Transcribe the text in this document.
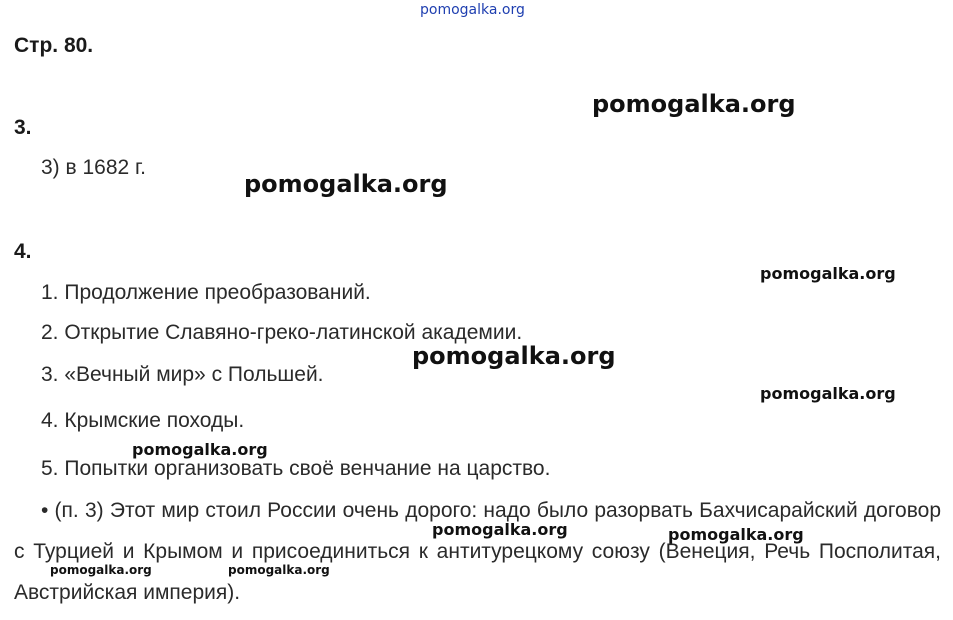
pomogalka.org
Стр. 80.
3.
3) в 1682 г.
4.
1. Продолжение преобразований.
2. Открытие Славяно-греко-латинской академии.
3. «Вечный мир» с Польшей.
4. Крымские походы.
5. Попытки организовать своё венчание на царство.
• (п. 3) Этот мир стоил России очень дорого: надо было разорвать Бахчисарайский договор с Турцией и Крымом и присоединиться к антитурецкому союзу (Венеция, Речь Посполитая, Австрийская империя).
pomogalka.org
pomogalka.org
pomogalka.org
pomogalka.org
pomogalka.org
pomogalka.org
pomogalka.org	pomogalka.org
pomogalka.org	pomogalka.org
